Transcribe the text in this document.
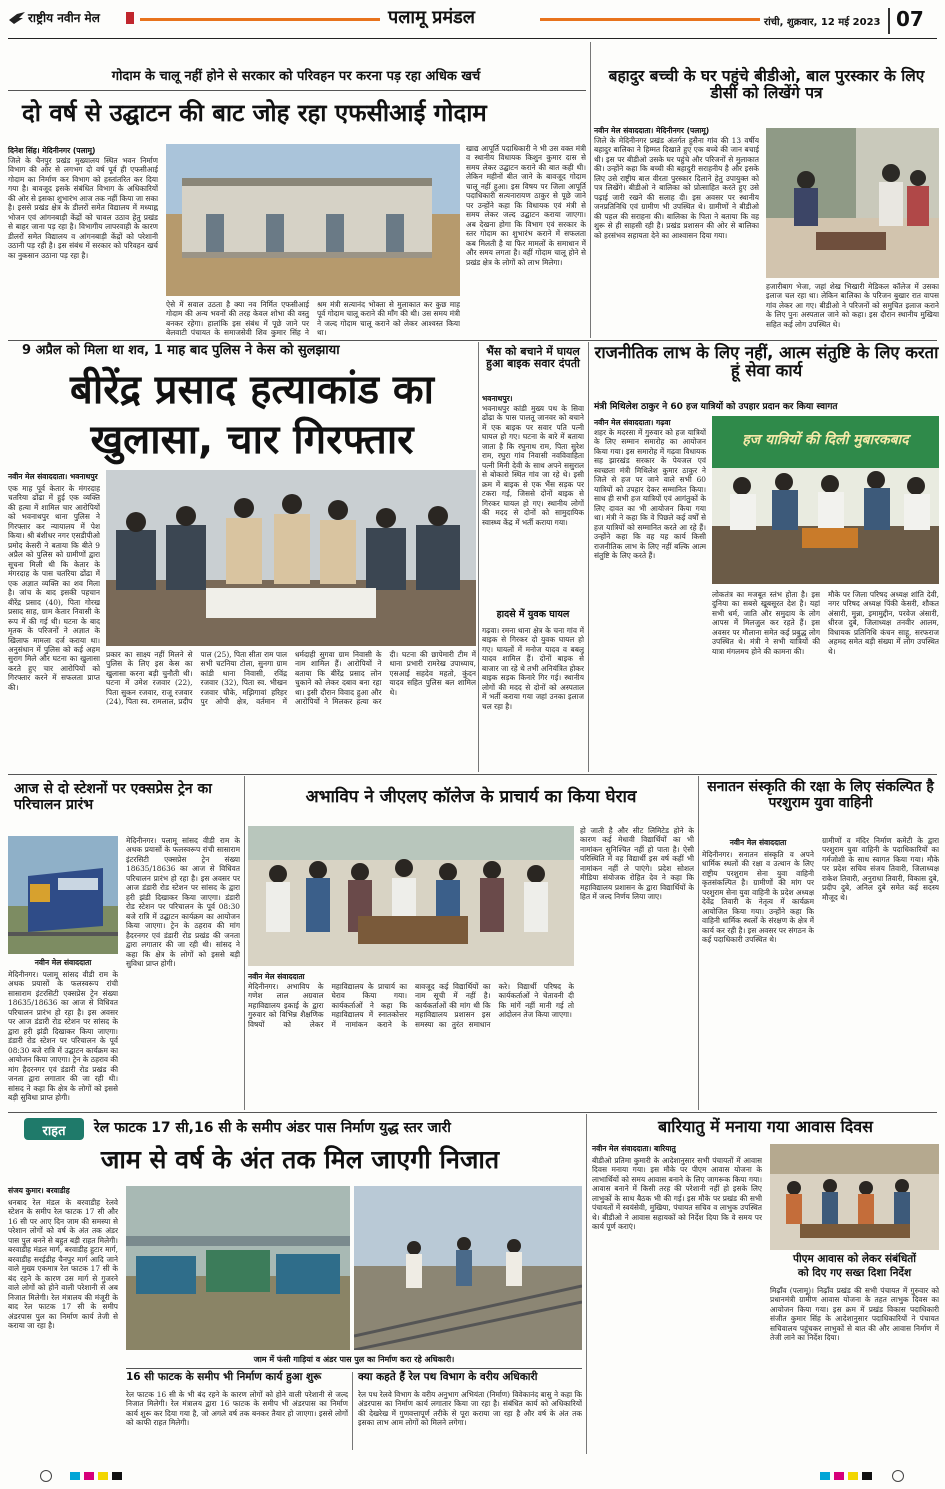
राष्ट्रीय नवीन मेल	पलामू प्रमंडल	रांची, शुक्रवार, 12 मई 2023 07
गोदाम के चालू नहीं होने से सरकार को परिवहन पर करना पड़ रहा अधिक खर्च
दो वर्ष से उद्घाटन की बाट जोह रहा एफसीआई गोदाम
दिनेश सिंह। मेदिनीनगर (पलामू)
जिले के चैनपुर प्रखंड मुख्यालय स्थित भवन निर्माण विभाग की ओर से लगभग दो वर्ष पूर्व ही एफसीआई गोदाम का निर्माण कर विभाग को हस्तांतरित कर दिया गया है। बावजूद इसके संबंधित विभाग के अधिकारियों की ओर से इसका शुभारंभ आज तक नहीं किया जा सका है। इससे प्रखंड क्षेत्र के डीलरों समेत विद्यालय में मध्याह्न भोजन एवं आंगनबाड़ी केंद्रों को चावल उठाव हेतु प्रखंड से बाहर जाना पड़ रहा है। विभागीय लापरवाही के कारण डीलरों समेत विद्यालय व आंगनबाड़ी केंद्रों को परेशानी उठानी पड़ रही है। इस संबंध में सरकार को परिवहन खर्च का नुकसान उठाना पड़ रहा है।
ऐसे में सवाल उठता है क्या नव निर्मित एफसीआई गोदाम की अन्य भवनों की तरह केवल शोभा की वस्तु बनकर रहेगा। हालांकि इस संबंध में पूछे जाने पर बेलवाटी पंचायत के समाजसेवी शिव कुमार सिंह ने श्रम मंत्री सत्यानंद भोक्ता से मुलाकात कर कुछ माह पूर्व गोदाम चालू कराने की माँग की थी। उस समय मंत्री ने जल्द गोदाम चालू कराने को लेकर आश्वस्त किया था।
खाद्य आपूर्ति पदाधिकारी ने भी उस वक्त मंत्री व स्थानीय विधायक किशुन कुमार दास से समय लेकर उद्घाटन कराने की बात कही थी। लेकिन महीनों बीत जाने के बावजूद गोदाम चालू नहीं हुआ। इस विषय पर जिला आपूर्ति पदाधिकारी सत्यनारायण ठाकुर से पूछे जाने पर उन्होंने कहा कि विधायक एवं मंत्री से समय लेकर जल्द उद्घाटन कराया जाएगा। अब देखना होगा कि विभाग एवं सरकार के स्तर गोदाम का शुभारंभ कराने में सफलता कब मिलती है या फिर मामलों के समाधान में और समय लगता है। वहीं गोदाम चालू होने से प्रखंड क्षेत्र के लोगों को लाभ मिलेगा।
बहादुर बच्ची के घर पहुंचे बीडीओ, बाल पुरस्कार के लिए डीसी को लिखेंगे पत्र
नवीन मेल संवाददाता। मेदिनीनगर (पलामू)
जिले के मेदिनीनगर प्रखंड अंतर्गत हुसैना गांव की 13 वर्षीय बहादुर बालिका ने हिम्मत दिखाते हुए एक बच्चे की जान बचाई थी। इस पर बीडीओ उसके घर पहुंचे और परिजनों से मुलाकात की। उन्होंने कहा कि बच्ची की बहादुरी सराहनीय है और इसके लिए उसे राष्ट्रीय बाल वीरता पुरस्कार दिलाने हेतु उपायुक्त को पत्र लिखेंगे। बीडीओ ने बालिका को प्रोत्साहित करते हुए उसे पढ़ाई जारी रखने की सलाह दी। इस अवसर पर स्थानीय जनप्रतिनिधि एवं ग्रामीण भी उपस्थित थे। ग्रामीणों ने बीडीओ की पहल की सराहना की। बालिका के पिता ने बताया कि वह शुरू से ही साहसी रही है। प्रखंड प्रशासन की ओर से बालिका को हरसंभव सहायता देने का आश्वासन दिया गया।
हजारीबाग भेजा, जहां शेख भिखारी मेडिकल कॉलेज में उसका इलाज चल रहा था। लेकिन बालिका के परिजन बुखार रात वापस गांव लेकर आ गए। बीडीओ ने परिजनों को समुचित इलाज कराने के लिए पुनः अस्पताल जाने को कहा। इस दौरान स्थानीय मुखिया सहित कई लोग उपस्थित थे।
9 अप्रैल को मिला था शव, 1 माह बाद पुलिस ने केस को सुलझाया
बीरेंद्र प्रसाद हत्याकांड का
खुलासा, चार गिरफ्तार
नवीन मेल संवाददाता। भवनाथपुर
एक माह पूर्व केतार के मंगरदाह चतरिया ढोंढा में हुई एक व्यक्ति की हत्या में शामिल चार आरोपियों को भवनाथपुर थाना पुलिस ने गिरफ्तार कर न्यायालय में पेश किया। श्री बंशीधर नगर एसडीपीओ प्रमोद केसरी ने बताया कि बीते 9 अप्रैल को पुलिस को ग्रामीणों द्वारा सूचना मिली थी कि केतार के मंगरदाह के पास चतरिया ढोंढा में एक अज्ञात व्यक्ति का शव मिला है। जांच के बाद इसकी पहचान बीरेंद्र प्रसाद (40), पिता गोरख प्रसाद साह, ग्राम केतार निवासी के रूप में की गई थी। घटना के बाद मृतक के परिजनों ने अज्ञात के खिलाफ मामला दर्ज कराया था। अनुसंधान में पुलिस को कई अहम सुराग मिले और घटना का खुलासा करते हुए चार आरोपियों को गिरफ्तार करने में सफलता प्राप्त की।
प्रकार का साक्ष्य नहीं मिलने से पुलिस के लिए इस केस का खुलासा करना बड़ी चुनौती थी। घटना में उमेश रजवार (22), पिता सुकन रजवार, राजू रजवार (24), पिता स्व. रामलाल, प्रदीप पाल (25), पिता सीता राम पाल सभी चटनिया टोला, सुनगा ग्राम कांडी थाना निवासी, रविंद्र रजवार (32), पिता स्व. भीखन रजवार चौके, मझिगावां हरिहर पुर ओपी क्षेत्र, वर्तमान में धर्मदाही सुगवा ग्राम निवासी के नाम शामिल हैं। आरोपियों ने बताया कि बीरेंद्र प्रसाद लोन चुकाने को लेकर दबाव बना रहा था। इसी दौरान विवाद हुआ और आरोपियों ने मिलकर हत्या कर दी। घटना की छापेमारी टीम में थाना प्रभारी रामरेख उपाध्याय, एसआई सहदेव महतो, कुंदन यादव सहित पुलिस बल शामिल थे।
भैंस को बचाने में घायल हुआ बाइक सवार दंपती
भवनाथपुर।
भवनाथपुर कांडी मुख्य पथ के सिवा ढोंढा के पास पालतू जानवर को बचाने में एक बाइक पर सवार पति पत्नी घायल हो गए। घटना के बारे में बताया जाता है कि रघुनाथ राम, पिता सुरेश राम, रघुरा गांव निवासी नवविवाहिता पत्नी मिनी देवी के साथ अपने ससुराल से बोकारो स्थित गांव जा रहे थे। इसी क्रम में बाइक से एक भैंस सड़क पर टकरा गई, जिससे दोनों बाइक से गिरकर घायल हो गए। स्थानीय लोगों की मदद से दोनों को सामुदायिक स्वास्थ्य केंद्र में भर्ती कराया गया।
हादसे में युवक घायल
गढ़वा। रमना थाना क्षेत्र के चना गांव में बाइक से गिरकर दो युवक घायल हो गए। घायलों में मनोज यादव व बबलू यादव शामिल हैं। दोनों बाइक से बाजार जा रहे थे तभी अनियंत्रित होकर बाइक सड़क किनारे गिर गई। स्थानीय लोगों की मदद से दोनों को अस्पताल में भर्ती कराया गया जहां उनका इलाज चल रहा है।
राजनीतिक लाभ के लिए नहीं, आत्म संतुष्टि के लिए करता हूं सेवा कार्य
मंत्री मिथिलेश ठाकुर ने 60 हज यात्रियों को उपहार प्रदान कर किया स्वागत
नवीन मेल संवाददाता। गढ़वा
शहर के मदरसा में गुरुवार को हज यात्रियों के लिए सम्मान समारोह का आयोजन किया गया। इस समारोह में गढ़वा विधायक सह झारखंड सरकार के पेयजल एवं स्वच्छता मंत्री मिथिलेश कुमार ठाकुर ने जिले से हज पर जाने वाले सभी 60 यात्रियों को उपहार देकर सम्मानित किया। साथ ही सभी हज यात्रियों एवं आगंतुकों के लिए दावत का भी आयोजन किया गया था। मंत्री ने कहा कि वे पिछले कई वर्षों से हज यात्रियों को सम्मानित करते आ रहे हैं। उन्होंने कहा कि वह यह कार्य किसी राजनीतिक लाभ के लिए नहीं बल्कि आत्म संतुष्टि के लिए करते हैं।
हज यात्रियों की दिली मुबारकबाद
लोकतंत्र का मजबूत स्तंभ होता है। इस दुनिया का सबसे खूबसूरत देश है। यहां सभी धर्म, जाति और समुदाय के लोग आपस में मिलजुल कर रहते हैं। इस अवसर पर मौलाना समेत कई प्रबुद्ध लोग उपस्थित थे। मंत्री ने सभी यात्रियों की यात्रा मंगलमय होने की कामना की।
मौके पर जिला परिषद अध्यक्ष शांति देवी, नगर परिषद अध्यक्ष पिंकी केसरी, शौकत अंसारी, मुन्ना, इमामुद्दीन, परवेज अंसारी, धीरज दुबे, जिलाध्यक्ष तनवीर आलम, विधायक प्रतिनिधि कंचन साहू, सरफराज अहमद समेत बड़ी संख्या में लोग उपस्थित थे।
आज से दो स्टेशनों पर एक्सप्रेस ट्रेन का परिचालन प्रारंभ
नवीन मेल संवाददाता
मेदिनीनगर। पलामू सांसद वीडी राम के अथक प्रयासों के फलस्वरूप रांची सासाराम इंटरसिटी एक्सप्रेस ट्रेन संख्या 18635/18636 का आज से विधिवत परिचालन प्रारंभ हो रहा है। इस अवसर पर आज डंडारी रोड स्टेशन पर सांसद के द्वारा हरी झंडी दिखाकर किया जाएगा। डंडारी रोड स्टेशन पर परिचालन के पूर्व 08:30 बजे रात्रि में उद्घाटन कार्यक्रम का आयोजन किया जाएगा। ट्रेन के ठहराव की मांग हैदरनगर एवं डंडारी रोड प्रखंड की जनता द्वारा लगातार की जा रही थी। सांसद ने कहा कि क्षेत्र के लोगों को इससे बड़ी सुविधा प्राप्त होगी।
मेदिनीनगर। पलामू सांसद वीडी राम के अथक प्रयासों के फलस्वरूप रांची सासाराम इंटरसिटी एक्सप्रेस ट्रेन संख्या 18635/18636 का आज से विधिवत परिचालन प्रारंभ हो रहा है। इस अवसर पर आज डंडारी रोड स्टेशन पर सांसद के द्वारा हरी झंडी दिखाकर किया जाएगा। डंडारी रोड स्टेशन पर परिचालन के पूर्व 08:30 बजे रात्रि में उद्घाटन कार्यक्रम का आयोजन किया जाएगा। ट्रेन के ठहराव की मांग हैदरनगर एवं डंडारी रोड प्रखंड की जनता द्वारा लगातार की जा रही थी। सांसद ने कहा कि क्षेत्र के लोगों को इससे बड़ी सुविधा प्राप्त होगी।
अभाविप ने जीएलए कॉलेज के प्राचार्य का किया घेराव
नवीन मेल संवाददाता
मेदिनीनगर। अभाविप के गणेश लाल अग्रवाल महाविद्यालय इकाई के द्वारा गुरुवार को विभिन्न शैक्षणिक विषयों को लेकर महाविद्यालय के प्राचार्य का घेराव किया गया। कार्यकर्ताओं ने कहा कि महाविद्यालय में स्नातकोत्तर में नामांकन कराने के बावजूद कई विद्यार्थियों का नाम सूची में नहीं है। कार्यकर्ताओं की मांग थी कि महाविद्यालय प्रशासन इस समस्या का तुरंत समाधान करे। विद्यार्थी परिषद के कार्यकर्ताओं ने चेतावनी दी कि मांगें नहीं मानी गई तो आंदोलन तेज किया जाएगा।
हो जाती है और सीट लिमिटेड होने के कारण कई मेधावी विद्यार्थियों का भी नामांकन सुनिश्चित नहीं हो पाता है। ऐसी परिस्थिति में वह विद्यार्थी इस वर्ष कहीं भी नामांकन नहीं ले पाएंगे। प्रदेश सोशल मीडिया संयोजक रोहित देव ने कहा कि महाविद्यालय प्रशासन के द्वारा विद्यार्थियों के हित में जल्द निर्णय लिया जाए।
सनातन संस्कृति की रक्षा के लिए संकल्पित है परशुराम युवा वाहिनी
नवीन मेल संवाददाता
मेदिनीनगर। सनातन संस्कृति व अपने धार्मिक स्थलों की रक्षा व उत्थान के लिए राष्ट्रीय परशुराम सेना युवा वाहिनी कृतसंकल्पित है। ग्रामीणों की मांग पर परशुराम सेना युवा वाहिनी के प्रदेश अध्यक्ष देवेंद्र तिवारी के नेतृत्व में कार्यक्रम आयोजित किया गया। उन्होंने कहा कि वाहिनी धार्मिक स्थलों के संरक्षण के क्षेत्र में कार्य कर रही है। इस अवसर पर संगठन के कई पदाधिकारी उपस्थित थे।
ग्रामीणों व मंदिर निर्माण कमेटी के द्वारा परशुराम युवा वाहिनी के पदाधिकारियों का गर्मजोशी के साथ स्वागत किया गया। मौके पर प्रदेश सचिव संजय तिवारी, जिलाध्यक्ष राकेश तिवारी, अनुराधा तिवारी, विकास दुबे, प्रदीप दुबे, अनिल दुबे समेत कई सदस्य मौजूद थे।
राहत	रेल फाटक 17 सी,16 सी के समीप अंडर पास निर्माण युद्ध स्तर जारी
जाम से वर्ष के अंत तक मिल जाएगी निजात
संजय कुमार। बरवाडीह
धनबाद रेल मंडल के बरवाडीह रेलवे स्टेशन के समीप रेल फाटक 17 सी और 16 सी पर आए दिन जाम की समस्या से परेशान लोगों को वर्ष के अंत तक अंडर पास पुल बनने से बहुत बड़ी राहत मिलेगी। बरवाडीह मंडल मार्ग, बरवाडीह हुटार मार्ग, बरवाडीह सरईडीह चैनपुर मार्ग आदि जाने वाले मुख्य एकमात्र रेल फाटक 17 सी के बंद रहने के कारण उस मार्ग से गुजरने वाले लोगों को होने वाली परेशानी से अब निजात मिलेगी। रेल मंत्रालय की मंजूरी के बाद रेल फाटक 17 सी के समीप अंडरपास पुल का निर्माण कार्य तेजी से कराया जा रहा है।
जाम में फंसी गाड़ियां व अंडर पास पुल का निर्माण करा रहे अधिकारी।
16 सी फाटक के समीप भी निर्माण कार्य हुआ शुरू
रेल फाटक 16 सी के भी बंद रहने के कारण लोगों को होने वाली परेशानी से जल्द निजात मिलेगी। रेल मंत्रालय द्वारा 16 फाटक के समीप भी अंडरपास का निर्माण कार्य शुरू कर दिया गया है, जो अगले वर्ष तक बनकर तैयार हो जाएगा। इससे लोगों को काफी राहत मिलेगी।
क्या कहते हैं रेल पथ विभाग के वरीय अधिकारी
रेल पथ रेलवे विभाग के वरीय अनुभाग अभियंता (निर्माण) विवेकानंद बासु ने कहा कि अंडरपास का निर्माण कार्य लगातार किया जा रहा है। संबंधित कार्य को अधिकारियों की देखरेख में गुणवत्तापूर्ण तरीके से पूरा कराया जा रहा है और वर्ष के अंत तक इसका लाभ आम लोगों को मिलने लगेगा।
बारियातु में मनाया गया आवास दिवस
नवीन मेल संवाददाता। बारियातु
बीडीओ प्रतिमा कुमारी के आदेशानुसार सभी पंचायतों में आवास दिवस मनाया गया। इस मौके पर पीएम आवास योजना के लाभार्थियों को समय आवास बनाने के लिए जागरूक किया गया। आवास बनाने में किसी तरह की परेशानी नहीं हो इसके लिए लाभुकों के साथ बैठक भी की गई। इस मौके पर प्रखंड की सभी पंचायतों में स्वयंसेवी, मुखिया, पंचायत सचिव व लाभुक उपस्थित थे। बीडीओ ने आवास सहायकों को निर्देश दिया कि वे समय पर कार्य पूर्ण कराएं।
पीएम आवास को लेकर संबंधितों
को दिए गए सख्त दिशा निर्देश
मिढ़ाँव (पलामू)। निढ़ाँव प्रखंड की सभी पंचायत में गुरुवार को प्रधानमंत्री ग्रामीण आवास योजना के तहत लाभुक दिवस का आयोजन किया गया। इस क्रम में प्रखंड विकास पदाधिकारी संजीत कुमार सिंह के आदेशानुसार पदाधिकारियों ने पंचायत सचिवालय पहुंचकर लाभुकों से बात की और आवास निर्माण में तेजी लाने का निर्देश दिया।
